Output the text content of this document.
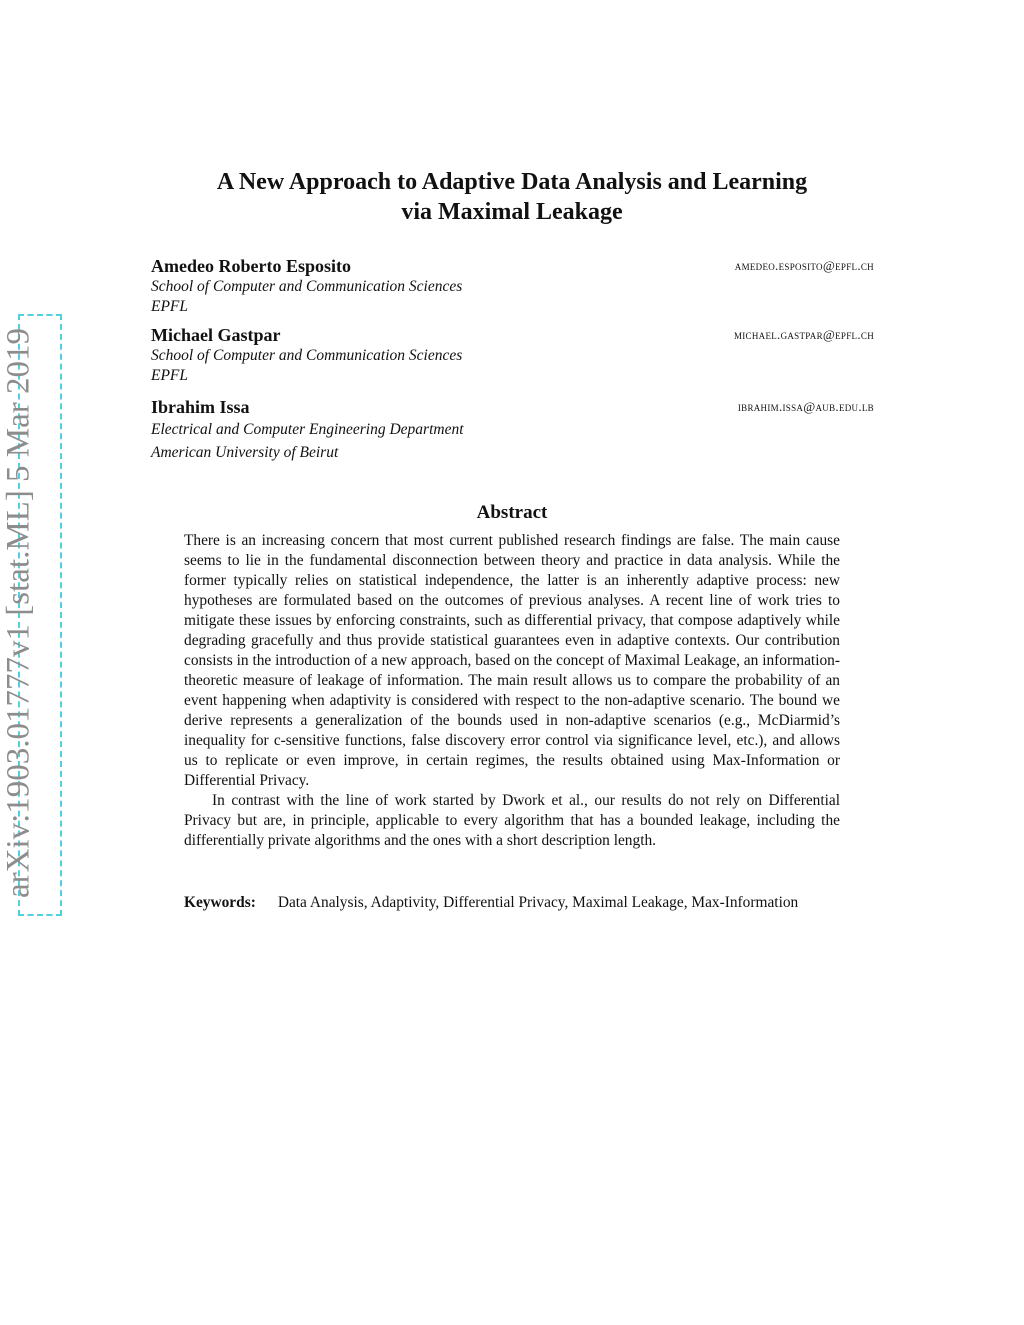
arXiv:1903.01777v1 [stat.ML] 5 Mar 2019
A New Approach to Adaptive Data Analysis and Learning
via Maximal Leakage
Amedeo Roberto Esposito	amedeo.esposito@epfl.ch
School of Computer and Communication Sciences
EPFL
Michael Gastpar	michael.gastpar@epfl.ch
School of Computer and Communication Sciences
EPFL
Ibrahim Issa	ibrahim.issa@aub.edu.lb
Electrical and Computer Engineering Department
American University of Beirut
Abstract

There is an increasing concern that most current published research findings are false. The main cause seems to lie in the fundamental disconnection between theory and practice in data analysis. While the former typically relies on statistical independence, the latter is an inherently adaptive process: new hypotheses are formulated based on the outcomes of previous analyses. A recent line of work tries to mitigate these issues by enforcing constraints, such as differential privacy, that compose adaptively while degrading gracefully and thus provide statistical guarantees even in adaptive contexts. Our contribution consists in the introduction of a new approach, based on the concept of Maximal Leakage, an information-theoretic measure of leakage of information. The main result allows us to compare the probability of an event happening when adaptivity is considered with respect to the non-adaptive scenario. The bound we derive represents a generalization of the bounds used in non-adaptive scenarios (e.g., McDiarmid’s inequality for c-sensitive functions, false discovery error control via significance level, etc.), and allows us to replicate or even improve, in certain regimes, the results obtained using Max-Information or Differential Privacy.

In contrast with the line of work started by Dwork et al., our results do not rely on Differential Privacy but are, in principle, applicable to every algorithm that has a bounded leakage, including the differentially private algorithms and the ones with a short description length.

Keywords: Data Analysis, Adaptivity, Differential Privacy, Maximal Leakage, Max-Information
